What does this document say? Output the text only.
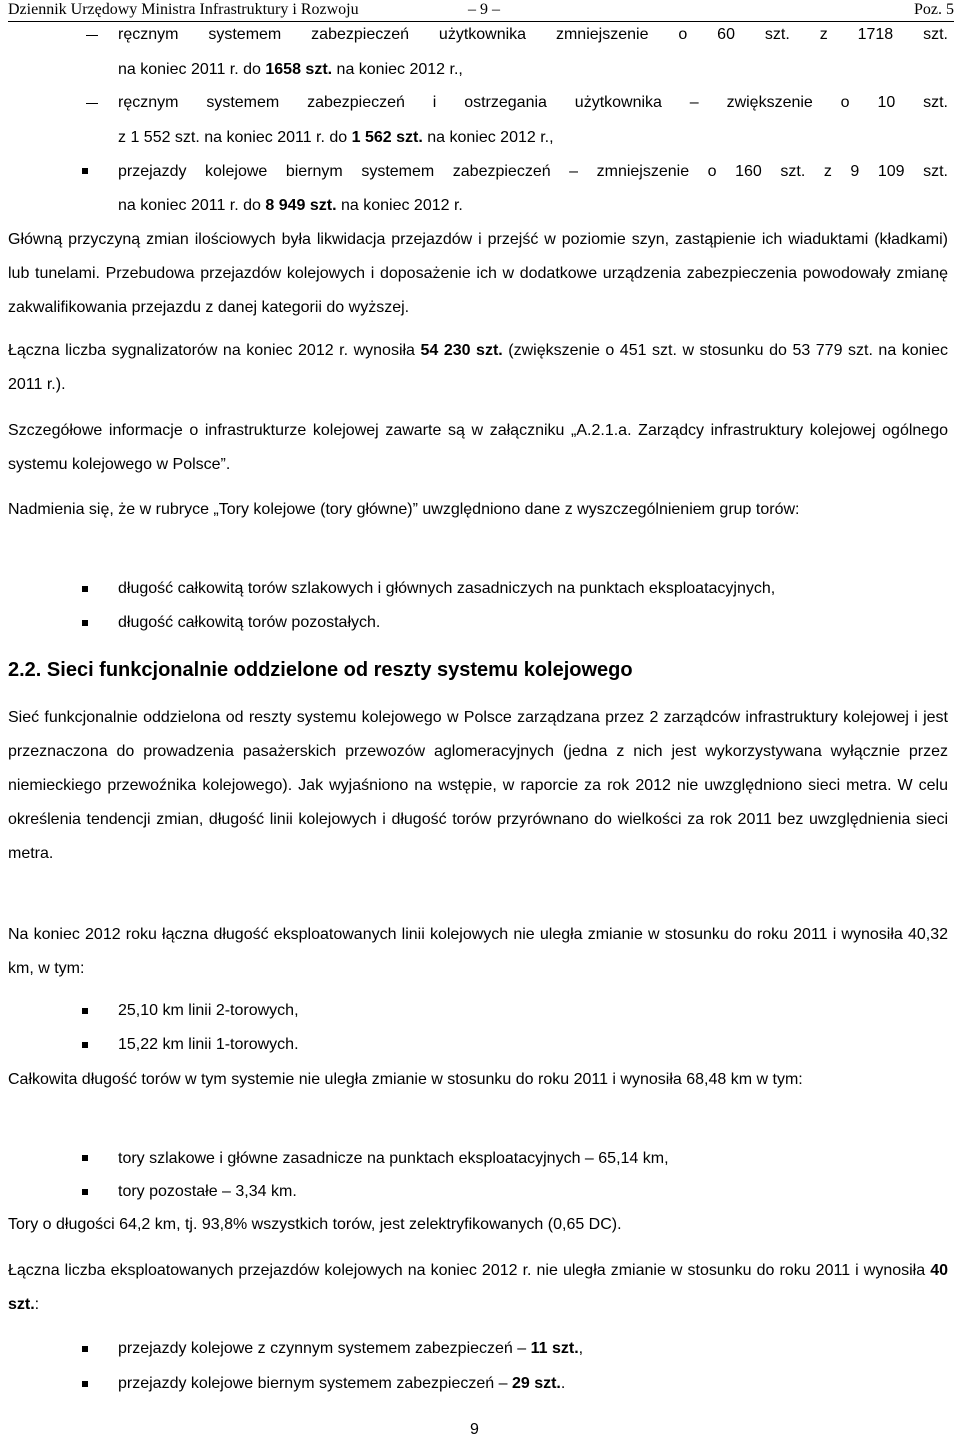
Dziennik Urzędowy Ministra Infrastruktury i Rozwoju	– 9 –	Poz. 5

ręcznym systemem zabezpieczeń użytkownika zmniejszenie o 60 szt. z 1718 szt.

na koniec 2011 r. do 1658 szt. na koniec 2012 r.,

ręcznym systemem zabezpieczeń i ostrzegania użytkownika – zwiększenie o 10 szt.

z 1 552 szt. na koniec 2011 r. do 1 562 szt. na koniec 2012 r.,

przejazdy kolejowe biernym systemem zabezpieczeń – zmniejszenie o 160 szt. z 9 109 szt.

na koniec 2011 r. do 8 949 szt. na koniec 2012 r.

Główną przyczyną zmian ilościowych była likwidacja przejazdów i przejść w poziomie szyn, zastąpienie ich wiaduktami (kładkami) lub tunelami. Przebudowa przejazdów kolejowych i doposażenie ich w dodatkowe urządzenia zabezpieczenia powodowały zmianę zakwalifikowania przejazdu z danej kategorii do wyższej.

Łączna liczba sygnalizatorów na koniec 2012 r. wynosiła 54 230 szt. (zwiększenie o 451 szt. w stosunku do 53 779 szt. na koniec 2011 r.).

Szczegółowe informacje o infrastrukturze kolejowej zawarte są w załączniku „A.2.1.a. Zarządcy infrastruktury kolejowej ogólnego systemu kolejowego w Polsce”.

Nadmienia się, że w rubryce „Tory kolejowe (tory główne)” uwzględniono dane z wyszczególnieniem grup torów:

długość całkowitą torów szlakowych i głównych zasadniczych na punktach eksploatacyjnych,

długość całkowitą torów pozostałych.

2.2. Sieci funkcjonalnie oddzielone od reszty systemu kolejowego

Sieć funkcjonalnie oddzielona od reszty systemu kolejowego w Polsce zarządzana przez 2 zarządców infrastruktury kolejowej i jest przeznaczona do prowadzenia pasażerskich przewozów aglomeracyjnych (jedna z nich jest wykorzystywana wyłącznie przez niemieckiego przewoźnika kolejowego). Jak wyjaśniono na wstępie, w raporcie za rok 2012 nie uwzględniono sieci metra. W celu określenia tendencji zmian, długość linii kolejowych i długość torów przyrównano do wielkości za rok 2011 bez uwzględnienia sieci metra.

Na koniec 2012 roku łączna długość eksploatowanych linii kolejowych nie uległa zmianie w stosunku do roku 2011 i wynosiła 40,32 km, w tym:

25,10 km linii 2-torowych,

15,22 km linii 1-torowych.

Całkowita długość torów w tym systemie nie uległa zmianie w stosunku do roku 2011 i wynosiła 68,48 km w tym:

tory szlakowe i główne zasadnicze na punktach eksploatacyjnych – 65,14 km,

tory pozostałe – 3,34 km.

Tory o długości 64,2 km, tj. 93,8% wszystkich torów, jest zelektryfikowanych (0,65 DC).

Łączna liczba eksploatowanych przejazdów kolejowych na koniec 2012 r. nie uległa zmianie w stosunku do roku 2011 i wynosiła 40 szt.:

przejazdy kolejowe z czynnym systemem zabezpieczeń – 11 szt.,

przejazdy kolejowe biernym systemem zabezpieczeń – 29 szt..

9
